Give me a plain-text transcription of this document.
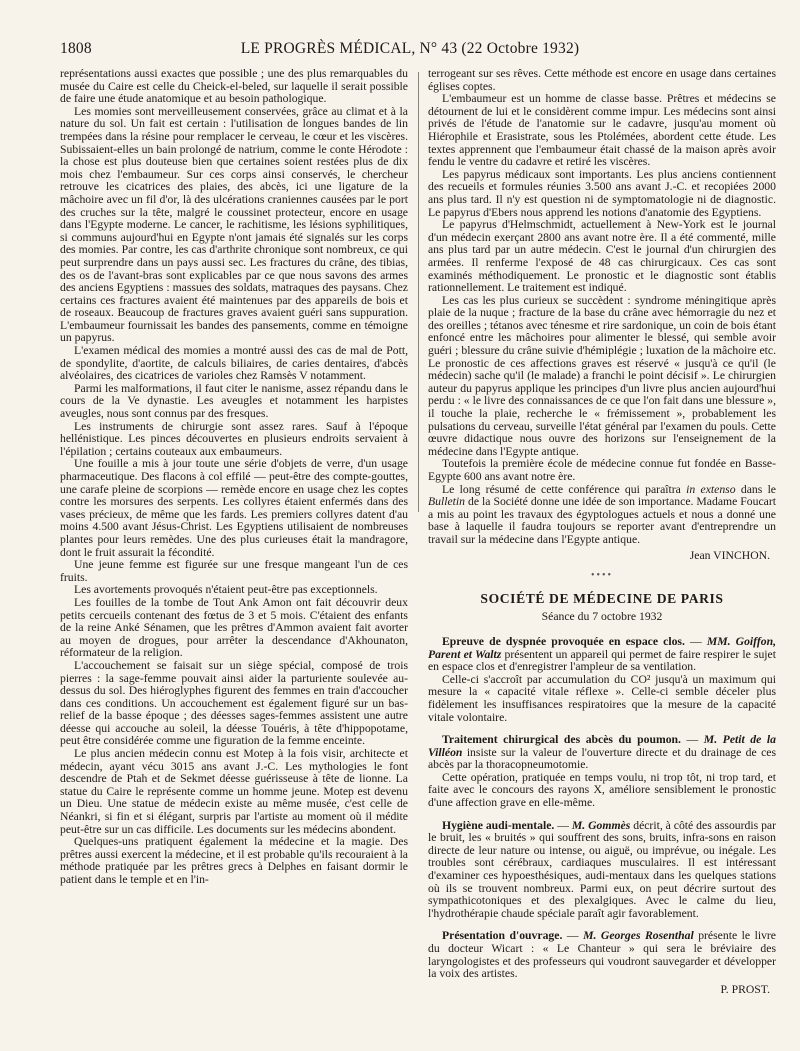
1808	LE PROGRÈS MÉDICAL, N° 43 (22 Octobre 1932)

représentations aussi exactes que possible ; une des plus remarquables du musée du Caire est celle du Cheick-el-beled, sur laquelle il serait possible de faire une étude anatomique et au besoin pathologique.

Les momies sont merveilleusement conservées, grâce au climat et à la nature du sol. Un fait est certain : l'utilisation de longues bandes de lin trempées dans la résine pour remplacer le cerveau, le cœur et les viscères. Subissaient-elles un bain prolongé de natrium, comme le conte Hérodote : la chose est plus douteuse bien que certaines soient restées plus de dix mois chez l'embaumeur. Sur ces corps ainsi conservés, le chercheur retrouve les cicatrices des plaies, des abcès, ici une ligature de la mâchoire avec un fil d'or, là des ulcérations craniennes causées par le port des cruches sur la tête, malgré le coussinet protecteur, encore en usage dans l'Egypte moderne. Le cancer, le rachitisme, les lésions syphilitiques, si communs aujourd'hui en Egypte n'ont jamais été signalés sur les corps des momies. Par contre, les cas d'arthrite chronique sont nombreux, ce qui peut surprendre dans un pays aussi sec. Les fractures du crâne, des tibias, des os de l'avant-bras sont explicables par ce que nous savons des armes des anciens Egyptiens : massues des soldats, matraques des paysans. Chez certains ces fractures avaient été maintenues par des appareils de bois et de roseaux. Beaucoup de fractures graves avaient guéri sans suppuration. L'embaumeur fournissait les bandes des pansements, comme en témoigne un papyrus.

L'examen médical des momies a montré aussi des cas de mal de Pott, de spondylite, d'aortite, de calculs biliaires, de caries dentaires, d'abcès alvéolaires, des cicatrices de varioles chez Ramsès V notamment.

Parmi les malformations, il faut citer le nanisme, assez répandu dans le cours de la Ve dynastie. Les aveugles et notamment les harpistes aveugles, nous sont connus par des fresques.

Les instruments de chirurgie sont assez rares. Sauf à l'époque hellénistique. Les pinces découvertes en plusieurs endroits servaient à l'épilation ; certains couteaux aux embaumeurs.

Une fouille a mis à jour toute une série d'objets de verre, d'un usage pharmaceutique. Des flacons à col effilé — peut-être des compte-gouttes, une carafe pleine de scorpions — remède encore en usage chez les coptes contre les morsures des serpents. Les collyres étaient enfermés dans des vases précieux, de même que les fards. Les premiers collyres datent d'au moins 4.500 avant Jésus-Christ. Les Egyptiens utilisaient de nombreuses plantes pour leurs remèdes. Une des plus curieuses était la mandragore, dont le fruit assurait la fécondité.

Une jeune femme est figurée sur une fresque mangeant l'un de ces fruits.

Les avortements provoqués n'étaient peut-être pas exceptionnels.

Les fouilles de la tombe de Tout Ank Amon ont fait découvrir deux petits cercueils contenant des fœtus de 3 et 5 mois. C'étaient des enfants de la reine Anké Sénamen, que les prêtres d'Ammon avaient fait avorter au moyen de drogues, pour arrêter la descendance d'Akhounaton, réformateur de la religion.

L'accouchement se faisait sur un siège spécial, composé de trois pierres : la sage-femme pouvait ainsi aider la parturiente soulevée au-dessus du sol. Des hiéroglyphes figurent des femmes en train d'accoucher dans ces conditions. Un accouchement est également figuré sur un bas-relief de la basse époque ; des déesses sages-femmes assistent une autre déesse qui accouche au soleil, la déesse Touéris, à tête d'hippopotame, peut être considérée comme une figuration de la femme enceinte.

Le plus ancien médecin connu est Motep à la fois visir, architecte et médecin, ayant vécu 3015 ans avant J.-C. Les mythologies le font descendre de Ptah et de Sekmet déesse guérisseuse à tête de lionne. La statue du Caire le représente comme un homme jeune. Motep est devenu un Dieu. Une statue de médecin existe au même musée, c'est celle de Néankri, si fin et si élégant, surpris par l'artiste au moment où il médite peut-être sur un cas difficile. Les documents sur les médecins abondent.

Quelques-uns pratiquent également la médecine et la magie. Des prêtres aussi exercent la médecine, et il est probable qu'ils recouraient à la méthode pratiquée par les prêtres grecs à Delphes en faisant dormir le patient dans le temple et en l'in-

terrogeant sur ses rêves. Cette méthode est encore en usage dans certaines églises coptes.

L'embaumeur est un homme de classe basse. Prêtres et médecins se détournent de lui et le considèrent comme impur. Les médecins sont ainsi privés de l'étude de l'anatomie sur le cadavre, jusqu'au moment où Hiérophile et Erasistrate, sous les Ptolémées, abordent cette étude. Les textes apprennent que l'embaumeur était chassé de la maison après avoir fendu le ventre du cadavre et retiré les viscères.

Les papyrus médicaux sont importants. Les plus anciens contiennent des recueils et formules réunies 3.500 ans avant J.-C. et recopiées 2000 ans plus tard. Il n'y est question ni de symptomatologie ni de diagnostic. Le papyrus d'Ebers nous apprend les notions d'anatomie des Egyptiens.

Le papyrus d'Helmschmidt, actuellement à New-York est le journal d'un médecin exerçant 2800 ans avant notre ère. Il a été commenté, mille ans plus tard par un autre médecin. C'est le journal d'un chirurgien des armées. Il renferme l'exposé de 48 cas chirurgicaux. Ces cas sont examinés méthodiquement. Le pronostic et le diagnostic sont établis rationnellement. Le traitement est indiqué.

Les cas les plus curieux se succèdent : syndrome méningitique après plaie de la nuque ; fracture de la base du crâne avec hémorragie du nez et des oreilles ; tétanos avec ténesme et rire sardonique, un coin de bois étant enfoncé entre les mâchoires pour alimenter le blessé, qui semble avoir guéri ; blessure du crâne suivie d'hémiplégie ; luxation de la mâchoire etc. Le pronostic de ces affections graves est réservé « jusqu'à ce qu'il (le médecin) sache qu'il (le malade) a franchi le point décisif ». Le chirurgien auteur du papyrus applique les principes d'un livre plus ancien aujourd'hui perdu : « le livre des connaissances de ce que l'on fait dans une blessure », il touche la plaie, recherche le « frémissement », probablement les pulsations du cerveau, surveille l'état général par l'examen du pouls. Cette œuvre didactique nous ouvre des horizons sur l'enseignement de la médecine dans l'Egypte antique.

Toutefois la première école de médecine connue fut fondée en Basse-Egypte 600 ans avant notre ère.

Le long résumé de cette conférence qui paraîtra in extenso dans le Bulletin de la Société donne une idée de son importance. Madame Foucart a mis au point les travaux des égyptologues actuels et nous a donné une base à laquelle il faudra toujours se reporter avant d'entreprendre un travail sur la médecine dans l'Egypte antique.

Jean VINCHON.
••••
SOCIÉTÉ DE MÉDECINE DE PARIS
Séance du 7 octobre 1932

Epreuve de dyspnée provoquée en espace clos. — MM. Goiffon, Parent et Waltz présentent un appareil qui permet de faire respirer le sujet en espace clos et d'enregistrer l'ampleur de sa ventilation.

Celle-ci s'accroît par accumulation du CO² jusqu'à un maximum qui mesure la « capacité vitale réflexe ». Celle-ci semble déceler plus fidèlement les insuffisances respiratoires que la mesure de la capacité vitale volontaire.

Traitement chirurgical des abcès du poumon. — M. Petit de la Villéon insiste sur la valeur de l'ouverture directe et du drainage de ces abcès par la thoracopneumotomie.

Cette opération, pratiquée en temps voulu, ni trop tôt, ni trop tard, et faite avec le concours des rayons X, améliore sensiblement le pronostic d'une affection grave en elle-même.

Hygiène audi-mentale. — M. Gommès décrit, à côté des assourdis par le bruit, les « bruités » qui souffrent des sons, bruits, infra-sons en raison directe de leur nature ou intense, ou aiguë, ou imprévue, ou inégale. Les troubles sont cérébraux, cardiaques musculaires. Il est intéressant d'examiner ces hypoesthésiques, audi-mentaux dans les quelques stations où ils se trouvent nombreux. Parmi eux, on peut décrire surtout des sympathicotoniques et des plexalgiques. Avec le calme du lieu, l'hydrothérapie chaude spéciale paraît agir favorablement.

Présentation d'ouvrage. — M. Georges Rosenthal présente le livre du docteur Wicart : « Le Chanteur » qui sera le bréviaire des laryngologistes et des professeurs qui voudront sauvegarder et développer la voix des artistes.

P. PROST.
